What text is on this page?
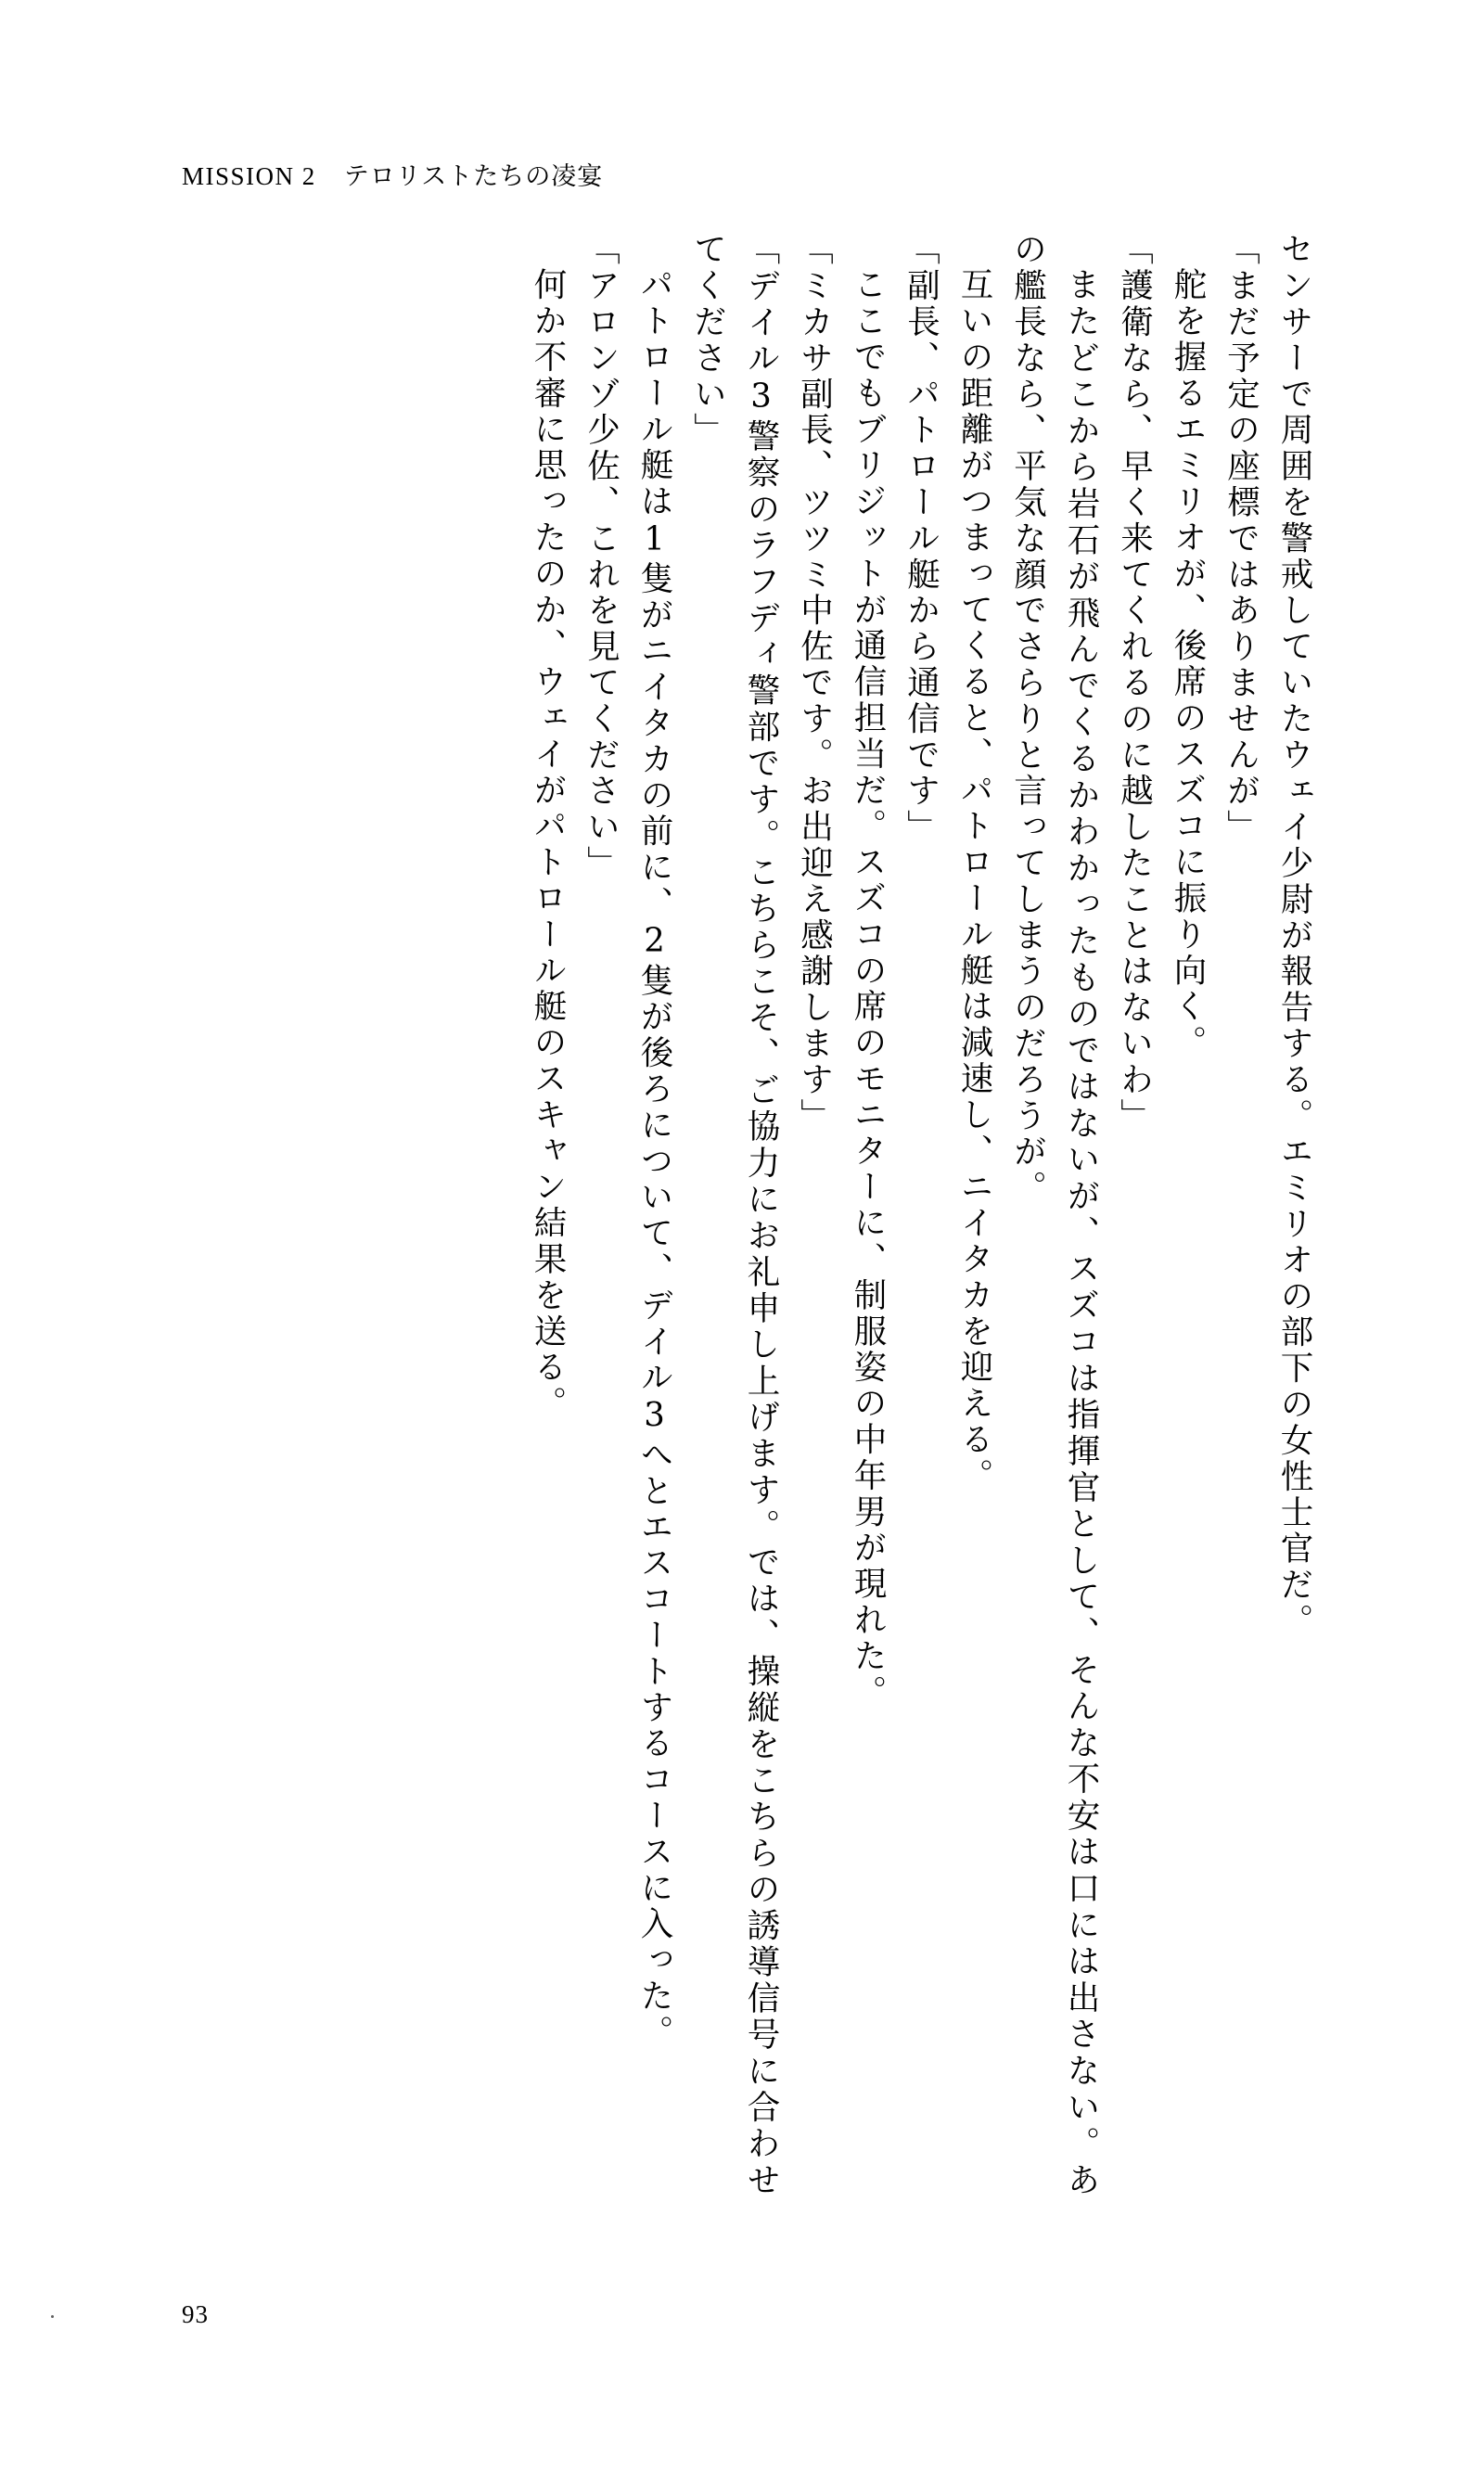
MISSION 2 テロリストたちの凌宴

センサーで周囲を警戒していたウェイ少尉が報告する。エミリオの部下の女性士官だ。

「まだ予定の座標ではありませんが」

舵を握るエミリオが、後席のスズコに振り向く。

「護衛なら、早く来てくれるのに越したことはないわ」

またどこから岩石が飛んでくるかわかったものではないが、スズコは指揮官として、そんな不安は口には出さない。あの艦長なら、平気な顔でさらりと言ってしまうのだろうが。

互いの距離がつまってくると、パトロール艇は減速し、ニイタカを迎える。

「副長、パトロール艇から通信です」

ここでもブリジットが通信担当だ。スズコの席のモニターに、制服姿の中年男が現れた。

「ミカサ副長、ツツミ中佐です。お出迎え感謝します」

「デイル3警察のラフディ警部です。こちらこそ、ご協力にお礼申し上げます。では、操縦をこちらの誘導信号に合わせてください」

パトロール艇は1隻がニイタカの前に、2隻が後ろについて、デイル3へとエスコートするコースに入った。

「アロンゾ少佐、これを見てください」

何か不審に思ったのか、ウェイがパトロール艇のスキャン結果を送る。

93
